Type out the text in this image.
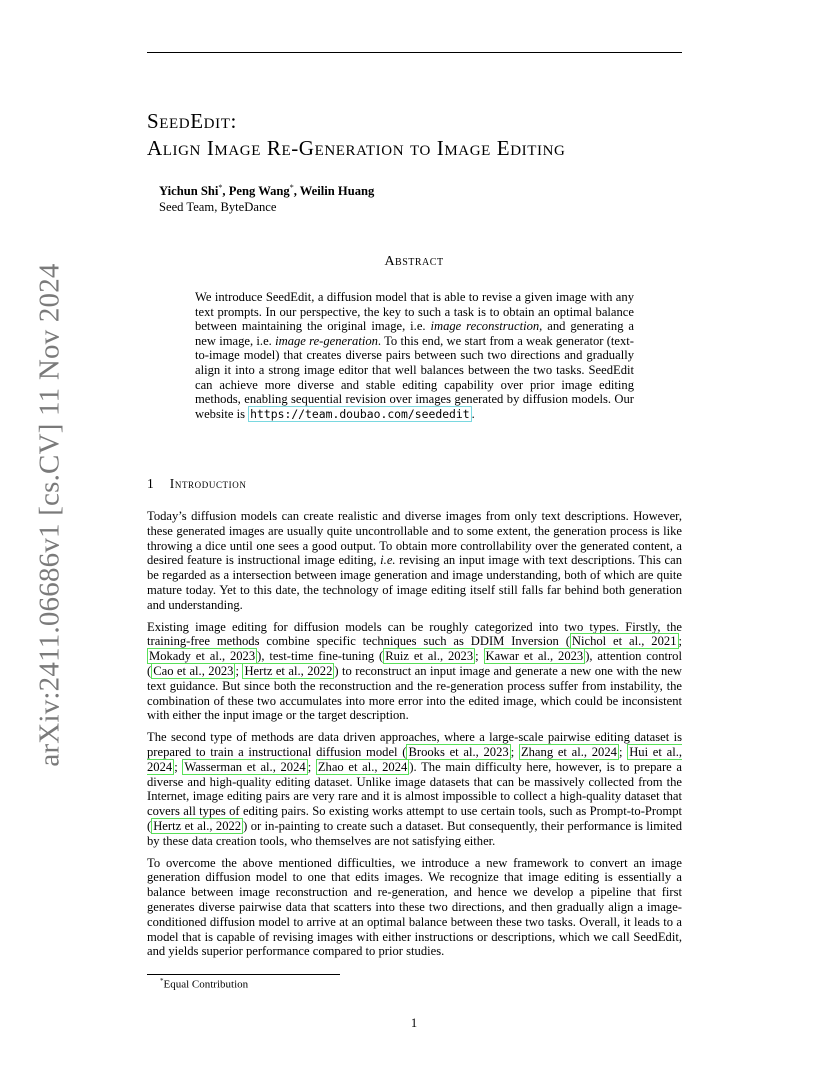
arXiv:2411.06686v1 [cs.CV] 11 Nov 2024
SeedEdit:
Align Image Re-Generation to Image Editing
Yichun Shi*, Peng Wang*, Weilin Huang
Seed Team, ByteDance
Abstract

We introduce SeedEdit, a diffusion model that is able to revise a given image with any text prompts. In our perspective, the key to such a task is to obtain an optimal balance between maintaining the original image, i.e. image reconstruction, and generating a new image, i.e. image re-generation. To this end, we start from a weak generator (text-to-image model) that creates diverse pairs between such two directions and gradually align it into a strong image editor that well balances between the two tasks. SeedEdit can achieve more diverse and stable editing capability over prior image editing methods, enabling sequential revision over images generated by diffusion models. Our website is https://team.doubao.com/seededit .

1 Introduction

Today’s diffusion models can create realistic and diverse images from only text descriptions. However, these generated images are usually quite uncontrollable and to some extent, the generation process is like throwing a dice until one sees a good output. To obtain more controllability over the generated content, a desired feature is instructional image editing, i.e. revising an input image with text descriptions. This can be regarded as a intersection between image generation and image understanding, both of which are quite mature today. Yet to this date, the technology of image editing itself still falls far behind both generation and understanding.

Existing image editing for diffusion models can be roughly categorized into two types. Firstly, the training-free methods combine specific techniques such as DDIM Inversion ( Nichol et al., 2021 ; Mokady et al., 2023 ), test-time fine-tuning ( Ruiz et al., 2023 ; Kawar et al., 2023 ), attention control ( Cao et al., 2023 ; Hertz et al., 2022 ) to reconstruct an input image and generate a new one with the new text guidance. But since both the reconstruction and the re-generation process suffer from instability, the combination of these two accumulates into more error into the edited image, which could be inconsistent with either the input image or the target description.

The second type of methods are data driven approaches, where a large-scale pairwise editing dataset is prepared to train a instructional diffusion model ( Brooks et al., 2023 ; Zhang et al., 2024 ; Hui et al., 2024 ; Wasserman et al., 2024 ; Zhao et al., 2024 ). The main difficulty here, however, is to prepare a diverse and high-quality editing dataset. Unlike image datasets that can be massively collected from the Internet, image editing pairs are very rare and it is almost impossible to collect a high-quality dataset that covers all types of editing pairs. So existing works attempt to use certain tools, such as Prompt-to-Prompt ( Hertz et al., 2022 ) or in-painting to create such a dataset. But consequently, their performance is limited by these data creation tools, who themselves are not satisfying either.

To overcome the above mentioned difficulties, we introduce a new framework to convert an image generation diffusion model to one that edits images. We recognize that image editing is essentially a balance between image reconstruction and re-generation, and hence we develop a pipeline that first generates diverse pairwise data that scatters into these two directions, and then gradually align a image-conditioned diffusion model to arrive at an optimal balance between these two tasks. Overall, it leads to a model that is capable of revising images with either instructions or descriptions, which we call SeedEdit, and yields superior performance compared to prior studies.

*Equal Contribution
1
